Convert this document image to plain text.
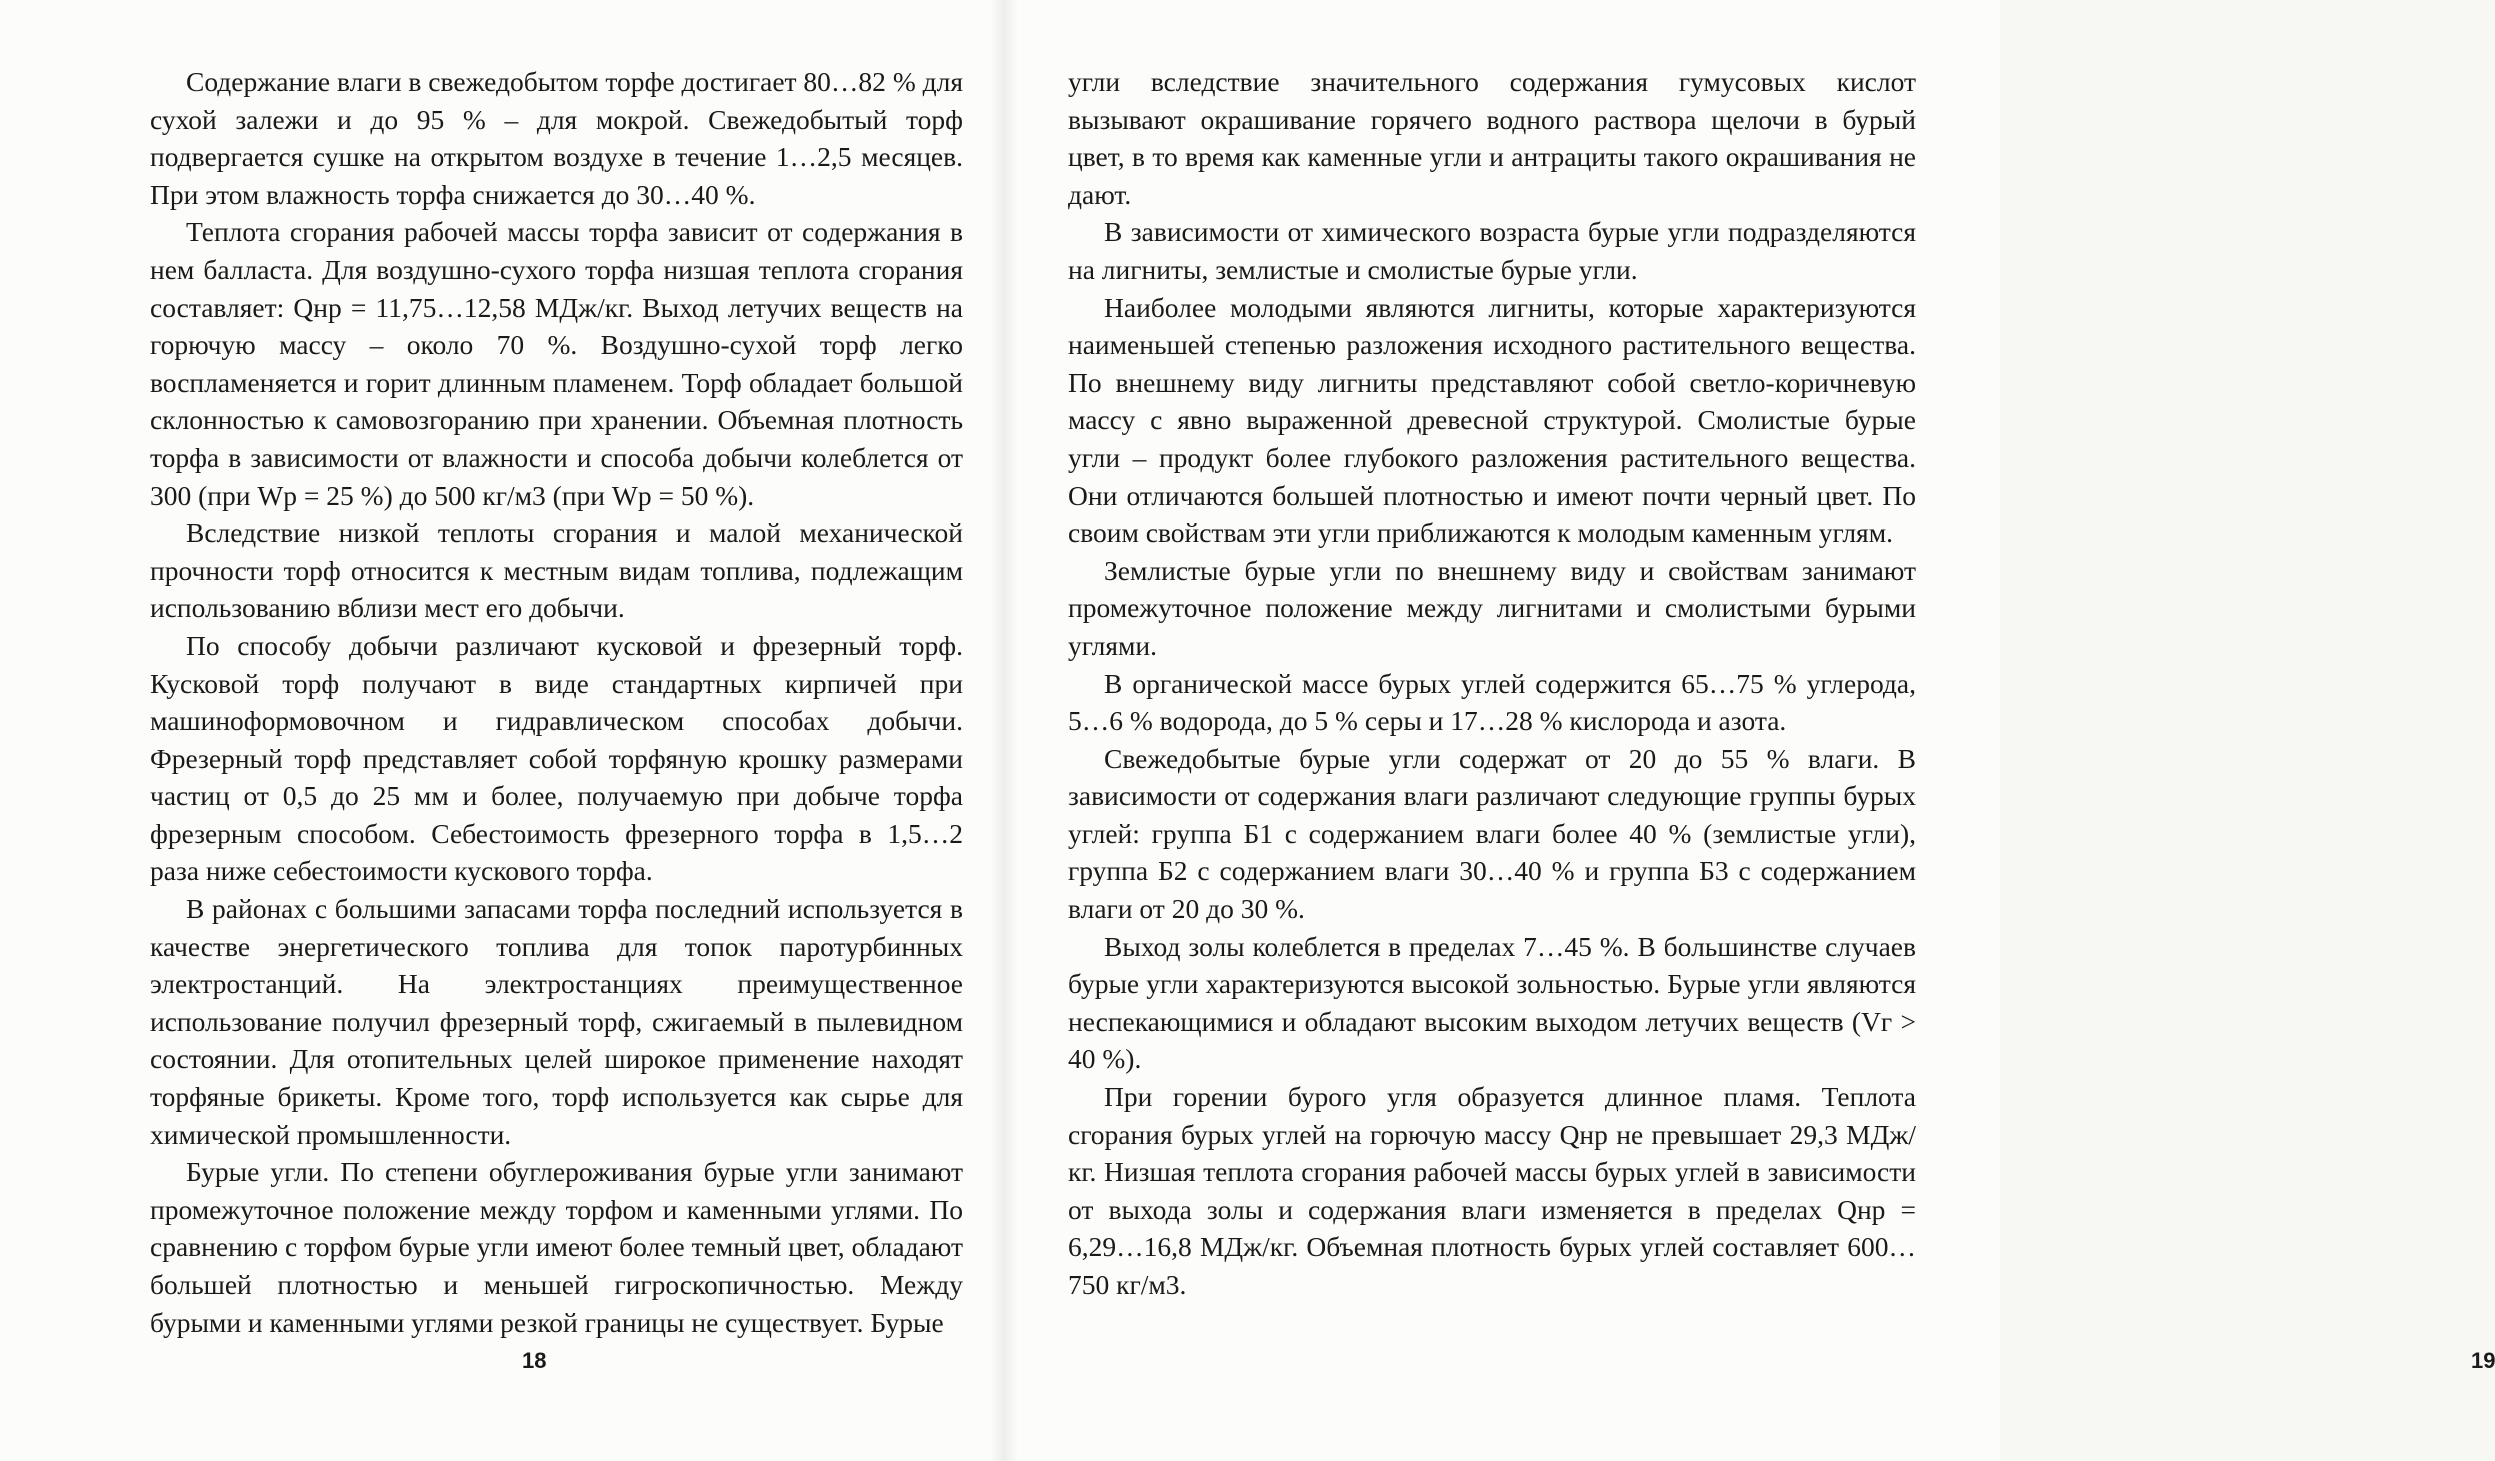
18	19

Содержание влаги в свежедобытом торфе достигает 80…82 % для сухой залежи и до 95 % – для мокрой. Свежедобытый торф подвергается сушке на открытом воздухе в течение 1…2,5 месяцев. При этом влажность торфа снижается до 30…40 %.

Теплота сгорания рабочей массы торфа зависит от содержания в нем балласта. Для воздушно-сухого торфа низшая теплота сгорания составляет: Qнр = 11,75…12,58 МДж/кг. Выход летучих веществ на горючую массу – около 70 %. Воздушно-сухой торф легко воспламеняется и горит длинным пламенем. Торф обладает большой склонностью к самовозгоранию при хранении. Объемная плотность торфа в зависимости от влажности и способа добычи колеблется от 300 (при Wр = 25 %) до 500 кг/м3 (при Wр = 50 %).

Вследствие низкой теплоты сгорания и малой механической прочности торф относится к местным видам топлива, подлежащим использованию вблизи мест его добычи.

По способу добычи различают кусковой и фрезерный торф. Кусковой торф получают в виде стандартных кирпичей при машиноформовочном и гидравлическом способах добычи. Фрезерный торф представляет собой торфяную крошку размерами частиц от 0,5 до 25 мм и более, получаемую при добыче торфа фрезерным способом. Себестоимость фрезерного торфа в 1,5…2 раза ниже себестоимости кускового торфа.

В районах с большими запасами торфа последний используется в качестве энергетического топлива для топок паротурбинных электростанций. На электростанциях преимущественное использование получил фрезерный торф, сжигаемый в пылевидном состоянии. Для отопительных целей широкое применение находят торфяные брикеты. Кроме того, торф используется как сырье для химической промышленности.

Бурые угли. По степени обуглероживания бурые угли занимают промежуточное положение между торфом и каменными углями. По сравнению с торфом бурые угли имеют более темный цвет, обладают большей плотностью и меньшей гигроскопичностью. Между бурыми и каменными углями резкой границы не существует. Бурые

угли вследствие значительного содержания гумусовых кислот вызывают окрашивание горячего водного раствора щелочи в бурый цвет, в то время как каменные угли и антрациты такого окрашивания не дают.

В зависимости от химического возраста бурые угли подразделяются на лигниты, землистые и смолистые бурые угли.

Наиболее молодыми являются лигниты, которые характеризуются наименьшей степенью разложения исходного растительного вещества. По внешнему виду лигниты представляют собой светло-коричневую массу с явно выраженной древесной структурой. Смолистые бурые угли – продукт более глубокого разложения растительного вещества. Они отличаются большей плотностью и имеют почти черный цвет. По своим свойствам эти угли приближаются к молодым каменным углям.

Землистые бурые угли по внешнему виду и свойствам занимают промежуточное положение между лигнитами и смолистыми бурыми углями.

В органической массе бурых углей содержится 65…75 % углерода, 5…6 % водорода, до 5 % серы и 17…28 % кислорода и азота.

Свежедобытые бурые угли содержат от 20 до 55 % влаги. В зависимости от содержания влаги различают следующие группы бурых углей: группа Б1 с содержанием влаги более 40 % (землистые угли), группа Б2 с содержанием влаги 30…40 % и группа Б3 с содержанием влаги от 20 до 30 %.

Выход золы колеблется в пределах 7…45 %. В большинстве случаев бурые угли характеризуются высокой зольностью. Бурые угли являются неспекающимися и обладают высоким выходом летучих веществ (Vг > 40 %).

При горении бурого угля образуется длинное пламя. Теплота сгорания бурых углей на горючую массу Qнр не превышает 29,3 МДж/кг. Низшая теплота сгорания рабочей массы бурых углей в зависимости от выхода золы и содержания влаги изменяется в пределах Qнр = 6,29…16,8 МДж/кг. Объемная плотность бурых углей составляет 600…750 кг/м3.
